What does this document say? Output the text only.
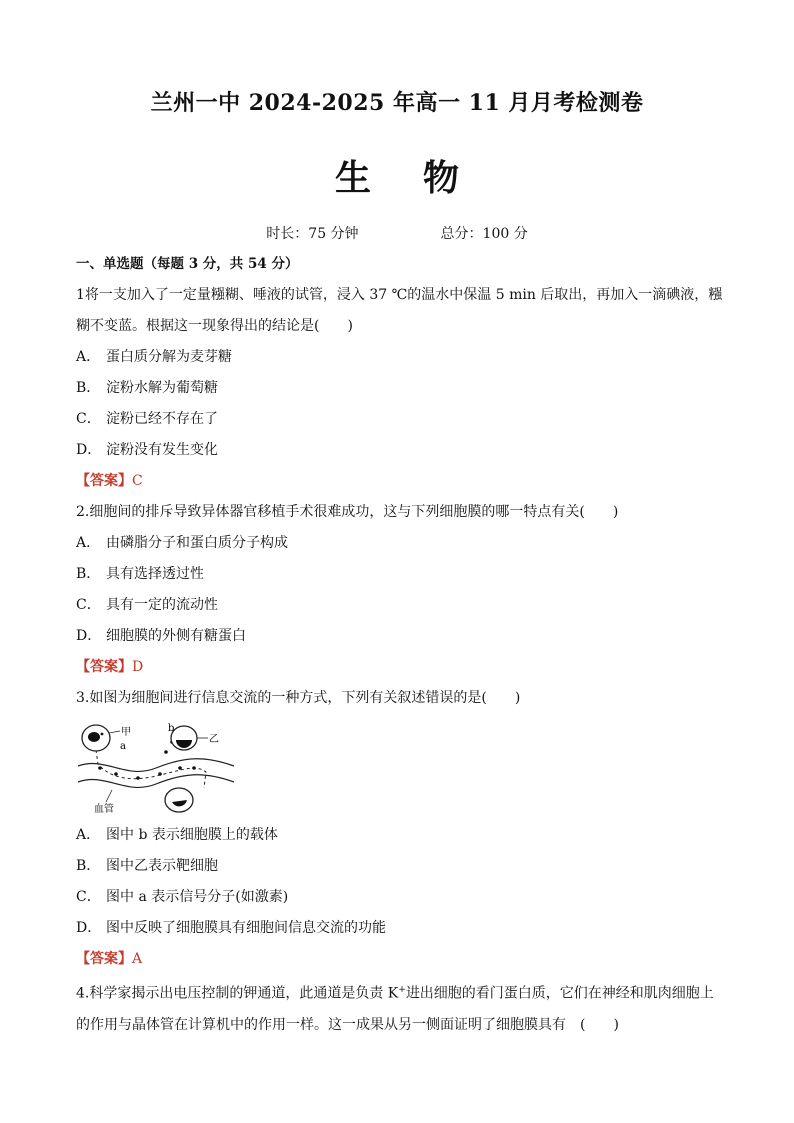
兰州一中 2024-2025 年高一 11 月月考检测卷
生 物
时长：75 分钟	总分：100 分
一、单选题（每题 3 分，共 54 分）
1将一支加入了一定量糨糊、唾液的试管，浸入 37 ℃的温水中保温 5 min 后取出，再加入一滴碘液，糨糊不变蓝。根据这一现象得出的结论是(　　)
A． 蛋白质分解为麦芽糖
B． 淀粉水解为葡萄糖
C． 淀粉已经不存在了
D． 淀粉没有发生变化
【答案】C
2.细胞间的排斥导致异体器官移植手术很难成功，这与下列细胞膜的哪一特点有关(　　)
A． 由磷脂分子和蛋白质分子构成
B． 具有选择透过性
C． 具有一定的流动性
D． 细胞膜的外侧有糖蛋白
【答案】D
3.如图为细胞间进行信息交流的一种方式，下列有关叙述错误的是(　　)
甲
a
b
乙
血管
A． 图中 b 表示细胞膜上的载体
B． 图中乙表示靶细胞
C． 图中 a 表示信号分子(如激素)
D． 图中反映了细胞膜具有细胞间信息交流的功能
【答案】A
4.科学家揭示出电压控制的钾通道，此通道是负责 K+进出细胞的看门蛋白质，它们在神经和肌肉细胞上的作用与晶体管在计算机中的作用一样。这一成果从另一侧面证明了细胞膜具有　(　　)
